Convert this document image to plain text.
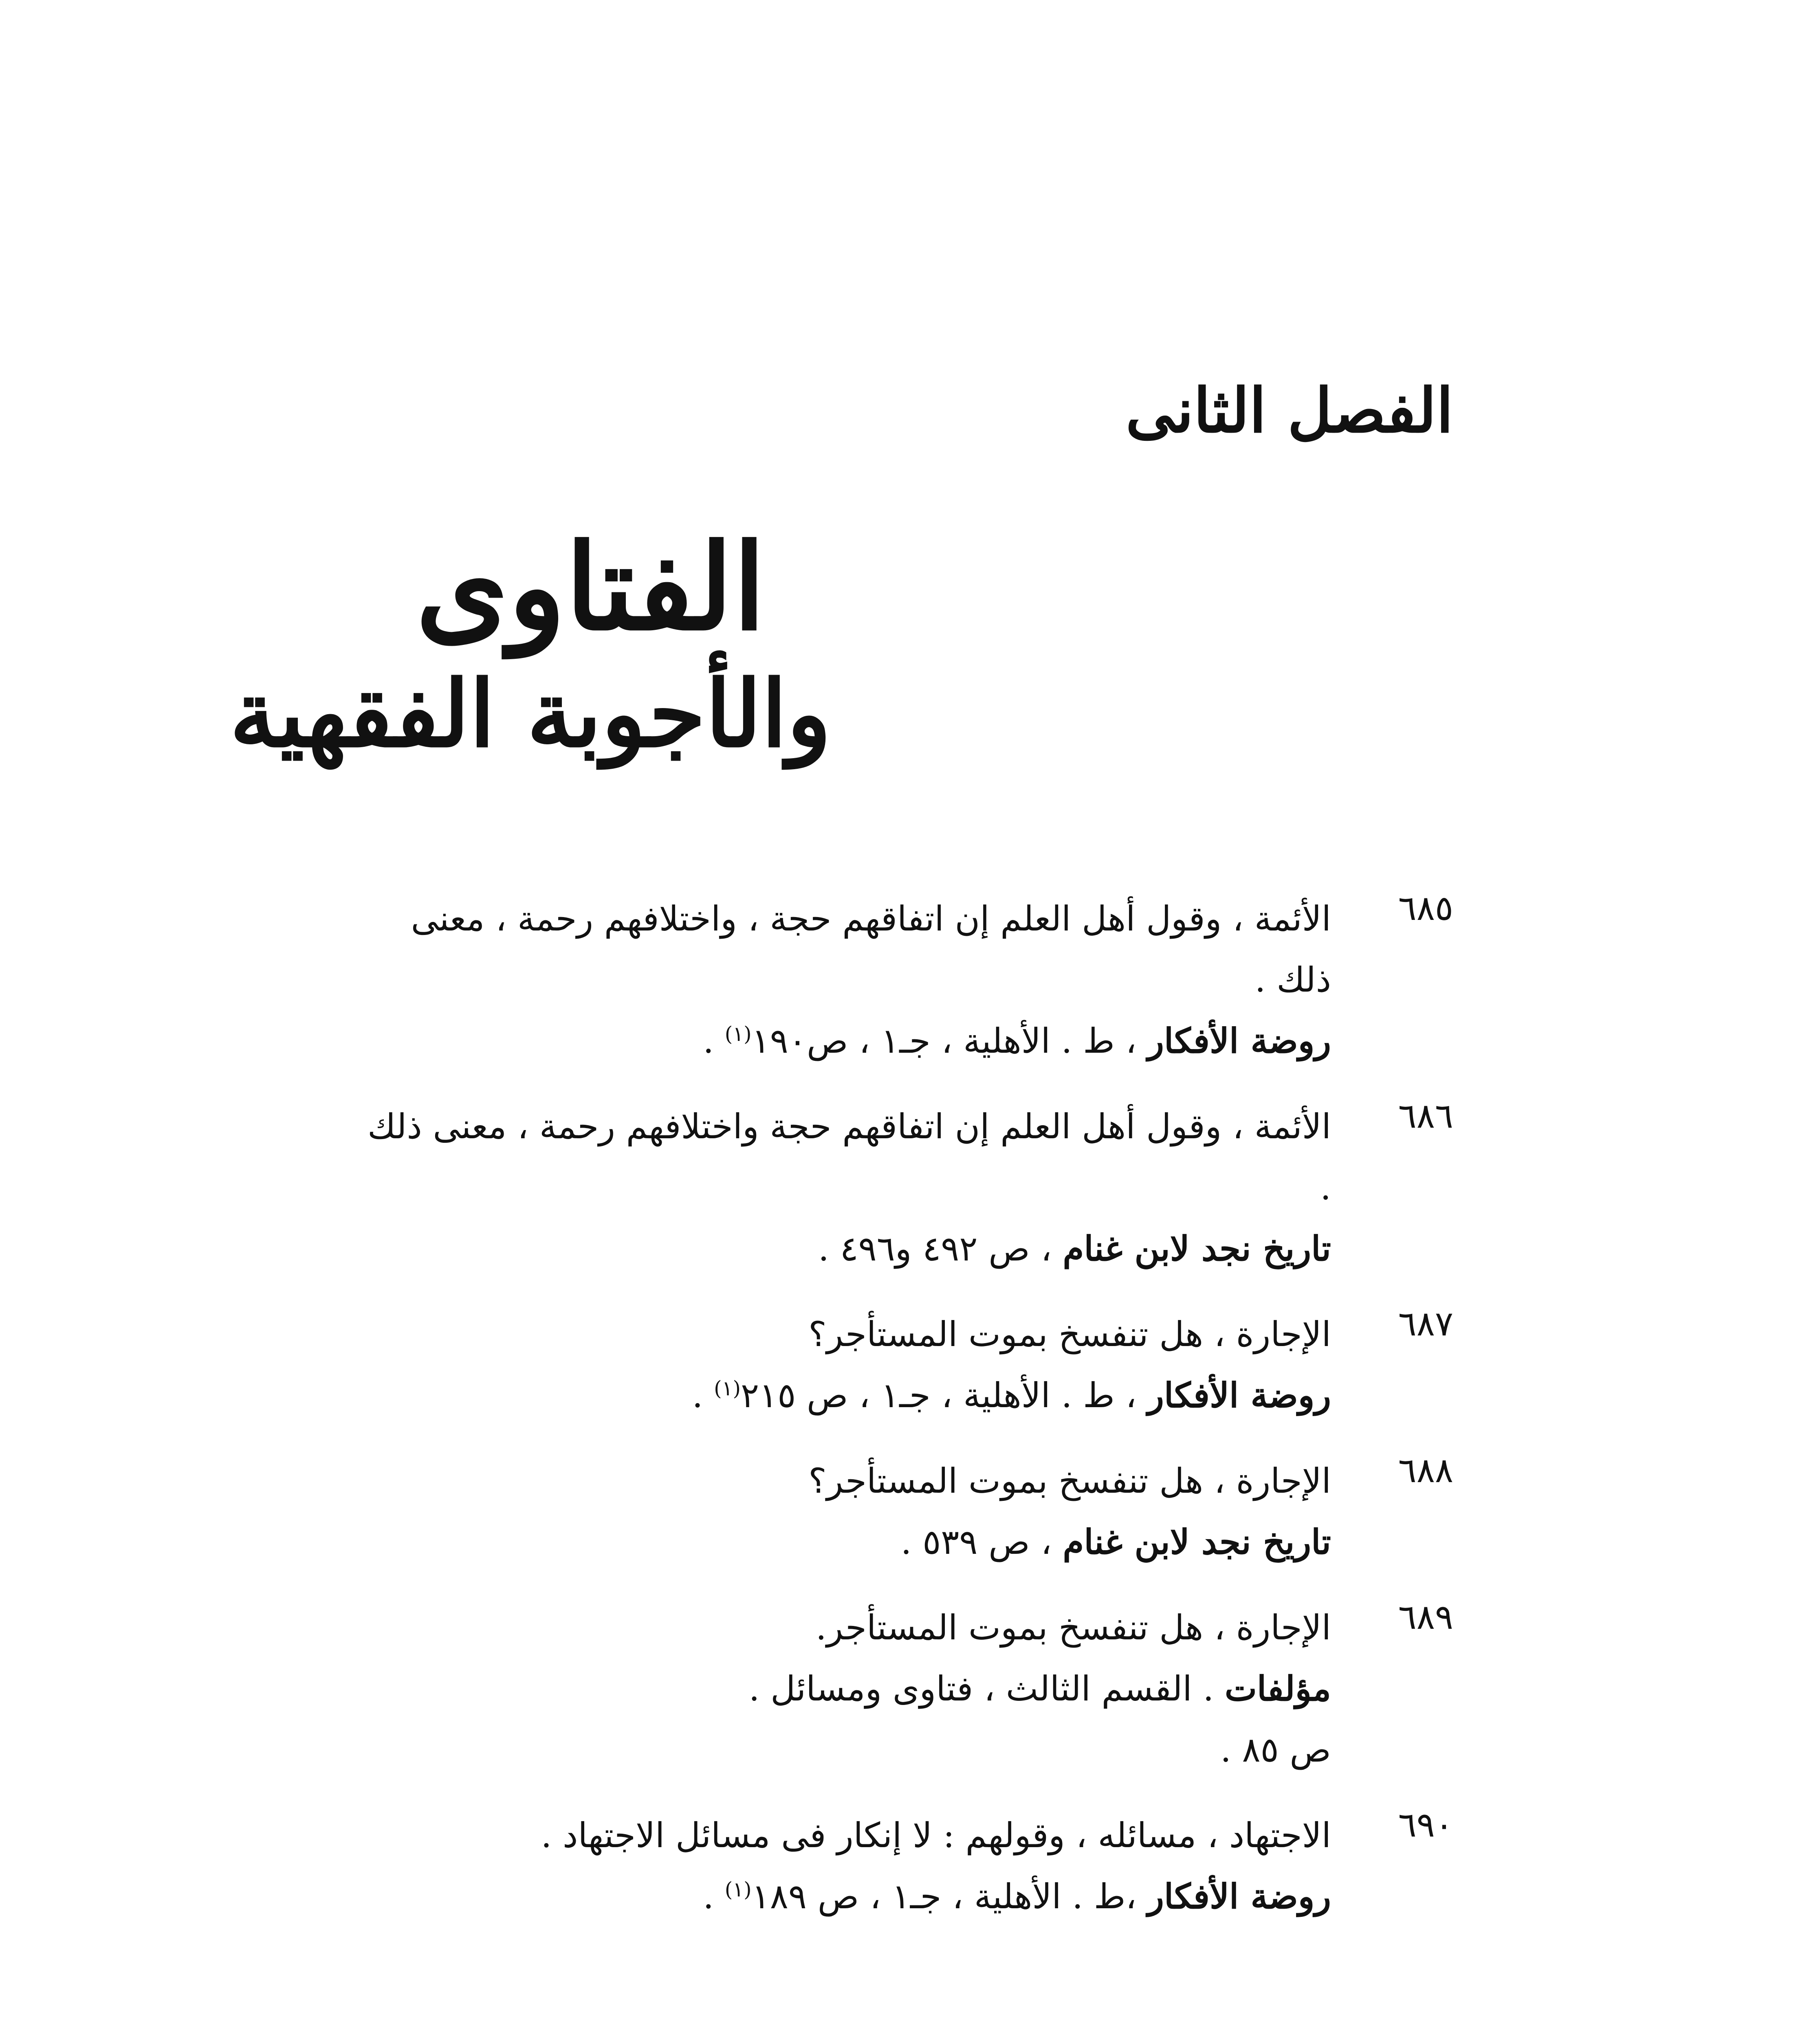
الفصل الثانى
الفتاوى
والأجوبة الفقهية
٦٨٥
الأئمة ، وقول أهل العلم إن اتفاقهم حجة ، واختلافهم رحمة ، معنى ذلك .
روضة الأفكار ، ط . الأهلية ، جـ١ ، ص١٩٠$^{(١)}$ .
٦٨٦
الأئمة ، وقول أهل العلم إن اتفاقهم حجة واختلافهم رحمة ، معنى ذلك .
تاريخ نجد لابن غنام ، ص ٤٩٢ و٤٩٦ .
٦٨٧
الإجارة ، هل تنفسخ بموت المستأجر؟
روضة الأفكار ، ط . الأهلية ، جـ١ ، ص ٢١٥$^{(١)}$ .
٦٨٨
الإجارة ، هل تنفسخ بموت المستأجر؟
تاريخ نجد لابن غنام ، ص ٥٣٩ .
٦٨٩
الإجارة ، هل تنفسخ بموت المستأجر.
مؤلفات . القسم الثالث ، فتاوى ومسائل .
ص ٨٥ .
٦٩٠
الاجتهاد ، مسائله ، وقولهم : لا إنكار فى مسائل الاجتهاد .
روضة الأفكار ،ط . الأهلية ، جـ١ ، ص ١٨٩$^{(١)}$ .
